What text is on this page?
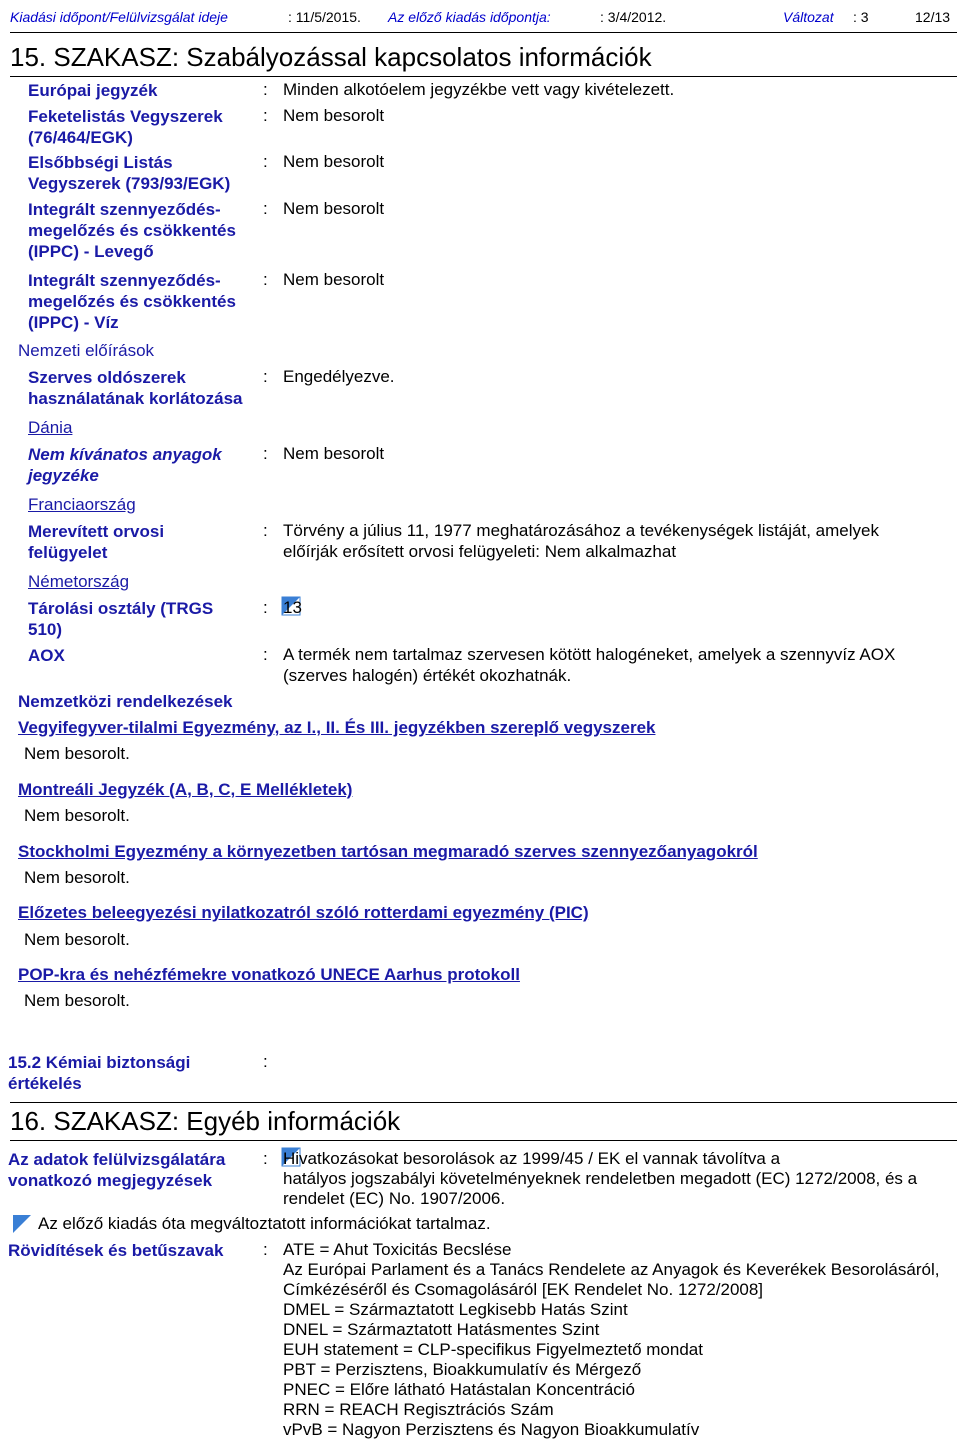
Kiadási időpont/Felülvizsgálat ideje	: 11/5/2015. Az előző kiadás időpontja:	: 3/4/2012.	Változat : 3	12/13
15. SZAKASZ: Szabályozással kapcsolatos információk
Európai jegyzék	: Minden alkotóelem jegyzékbe vett vagy kivételezett.
Feketelistás Vegyszerek
(76/464/EGK)
: Nem besorolt
Elsőbbségi Listás
Vegyszerek (793/93/EGK)
: Nem besorolt
Integrált szennyeződés-
megelőzés és csökkentés
(IPPC) - Levegő
: Nem besorolt
Integrált szennyeződés-
megelőzés és csökkentés
(IPPC) - Víz
: Nem besorolt
Nemzeti előírások
Szerves oldószerek
használatának korlátozása
: Engedélyezve.
Dánia
Nem kívánatos anyagok
jegyzéke
: Nem besorolt
Franciaország
Merevített orvosi
felügyelet
: Törvény a július 11, 1977 meghatározásához a tevékenységek listáját, amelyek
előírják erősített orvosi felügyeleti: Nem alkalmazhat
Németország
Tárolási osztály (TRGS
510)
: 13
AOX	: A termék nem tartalmaz szervesen kötött halogéneket, amelyek a szennyvíz AOX
(szerves halogén) értékét okozhatnák.
Nemzetközi rendelkezések
Vegyifegyver-tilalmi Egyezmény, az I., II. És III. jegyzékben szereplő vegyszerek
Nem besorolt.
Montreáli Jegyzék (A, B, C, E Mellékletek)
Nem besorolt.
Stockholmi Egyezmény a környezetben tartósan megmaradó szerves szennyezőanyagokról
Nem besorolt.
Előzetes beleegyezési nyilatkozatról szóló rotterdami egyezmény (PIC)
Nem besorolt.
POP-kra és nehézfémekre vonatkozó UNECE Aarhus protokoll
Nem besorolt.
15.2 Kémiai biztonsági
értékelés
:
16. SZAKASZ: Egyéb információk
Az adatok felülvizsgálatára
vonatkozó megjegyzések
: Hivatkozásokat besorolások az 1999/45 / EK el vannak távolítva a
hatályos jogszabályi követelményeknek rendeletben megadott (EC) 1272/2008, és a
rendelet (EC) No. 1907/2006.
Az előző kiadás óta megváltoztatott információkat tartalmaz.
Rövidítések és betűszavak : ATE = Ahut Toxicitás Becslése
Az Európai Parlament és a Tanács Rendelete az Anyagok és Keverékek Besorolásáról,
Címkézéséről és Csomagolásáról [EK Rendelet No. 1272/2008]
DMEL = Származtatott Legkisebb Hatás Szint
DNEL = Származtatott Hatásmentes Szint
EUH statement = CLP-specifikus Figyelmeztető mondat
PBT = Perzisztens, Bioakkumulatív és Mérgező
PNEC = Előre látható Hatástalan Koncentráció
RRN = REACH Regisztrációs Szám
vPvB = Nagyon Perzisztens és Nagyon Bioakkumulatív
